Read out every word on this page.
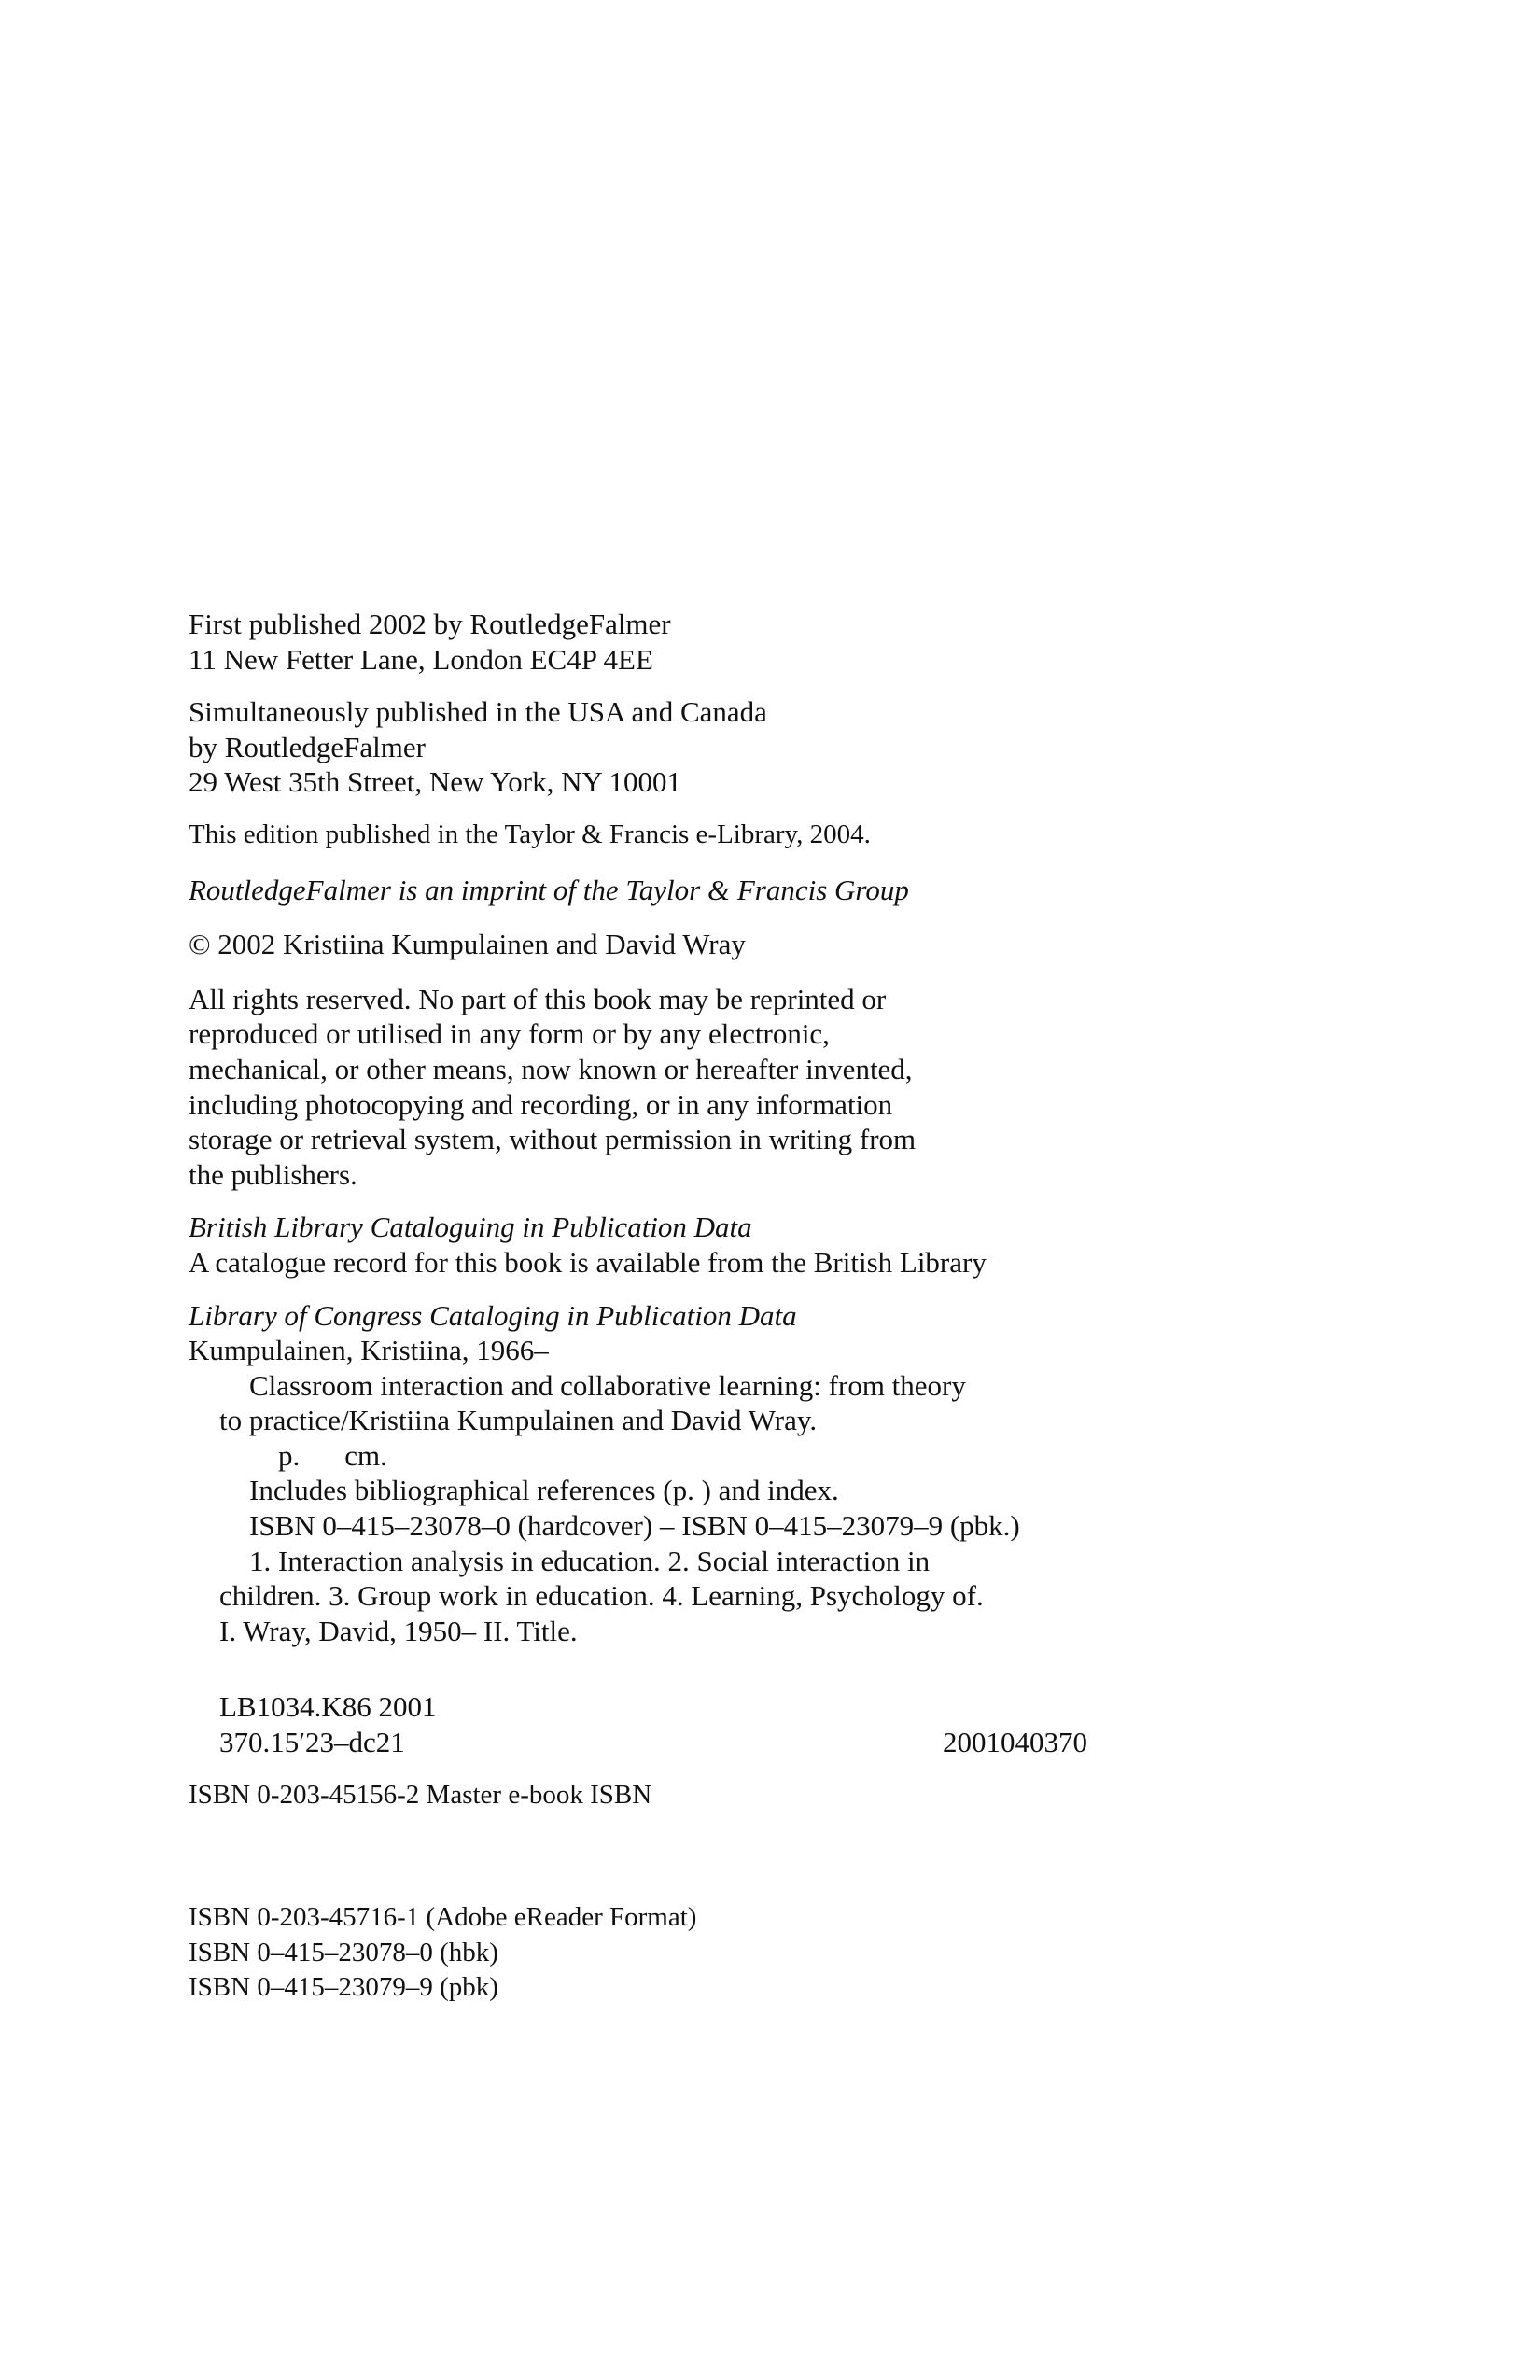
First published 2002 by RoutledgeFalmer
11 New Fetter Lane, London EC4P 4EE

Simultaneously published in the USA and Canada
by RoutledgeFalmer
29 West 35th Street, New York, NY 10001

This edition published in the Taylor & Francis e-Library, 2004.

RoutledgeFalmer is an imprint of the Taylor & Francis Group

© 2002 Kristiina Kumpulainen and David Wray

All rights reserved. No part of this book may be reprinted or
reproduced or utilised in any form or by any electronic,
mechanical, or other means, now known or hereafter invented,
including photocopying and recording, or in any information
storage or retrieval system, without permission in writing from
the publishers.

British Library Cataloguing in Publication Data
A catalogue record for this book is available from the British Library

Library of Congress Cataloging in Publication Data
Kumpulainen, Kristiina, 1966–
Classroom interaction and collaborative learning: from theory
to practice/Kristiina Kumpulainen and David Wray.
p. cm.
Includes bibliographical references (p. ) and index.
ISBN 0–415–23078–0 (hardcover) – ISBN 0–415–23079–9 (pbk.)
1. Interaction analysis in education. 2. Social interaction in
children. 3. Group work in education. 4. Learning, Psychology of.
I. Wray, David, 1950– II. Title.
LB1034.K86 2001
370.15′23–dc21	2001040370

ISBN 0-203-45156-2 Master e-book ISBN

ISBN 0-203-45716-1 (Adobe eReader Format)
ISBN 0–415–23078–0 (hbk)
ISBN 0–415–23079–9 (pbk)
